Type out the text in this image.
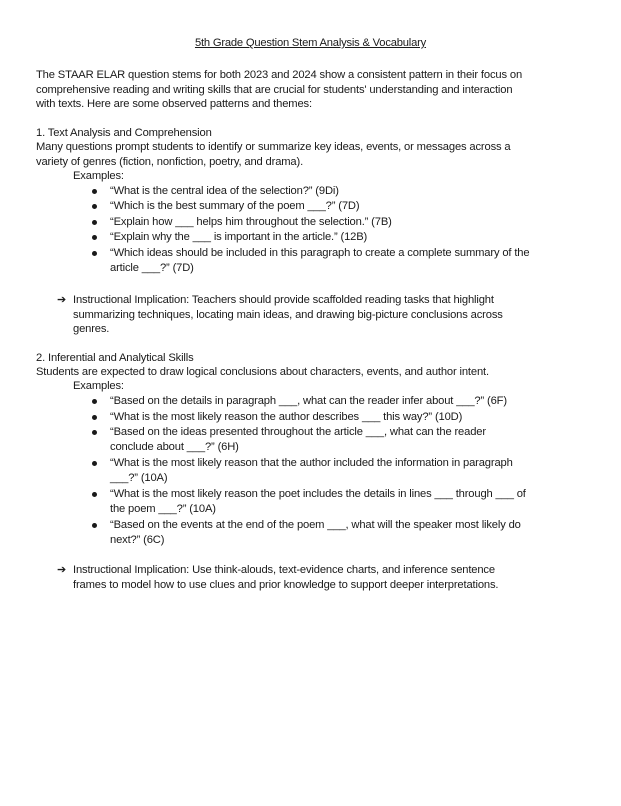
5th Grade Question Stem Analysis & Vocabulary
The STAAR ELAR question stems for both 2023 and 2024 show a consistent pattern in their focus on
comprehensive reading and writing skills that are crucial for students' understanding and interaction
with texts. Here are some observed patterns and themes:
1. Text Analysis and Comprehension
Many questions prompt students to identify or summarize key ideas, events, or messages across a
variety of genres (fiction, nonfiction, poetry, and drama).
Examples:
“What is the central idea of the selection?” (9Di)
“Which is the best summary of the poem ___?” (7D)
“Explain how ___ helps him throughout the selection.” (7B)
“Explain why the ___ is important in the article.” (12B)
“Which ideas should be included in this paragraph to create a complete summary of the
article ___?” (7D)
➔ Instructional Implication: Teachers should provide scaffolded reading tasks that highlight
summarizing techniques, locating main ideas, and drawing big-picture conclusions across
genres.
2. Inferential and Analytical Skills
Students are expected to draw logical conclusions about characters, events, and author intent.
Examples:
“Based on the details in paragraph ___, what can the reader infer about ___?” (6F)
“What is the most likely reason the author describes ___ this way?” (10D)
“Based on the ideas presented throughout the article ___, what can the reader
conclude about ___?” (6H)
“What is the most likely reason that the author included the information in paragraph
___?” (10A)
“What is the most likely reason the poet includes the details in lines ___ through ___ of
the poem ___?” (10A)
“Based on the events at the end of the poem ___, what will the speaker most likely do
next?” (6C)
➔ Instructional Implication: Use think-alouds, text-evidence charts, and inference sentence
frames to model how to use clues and prior knowledge to support deeper interpretations.
